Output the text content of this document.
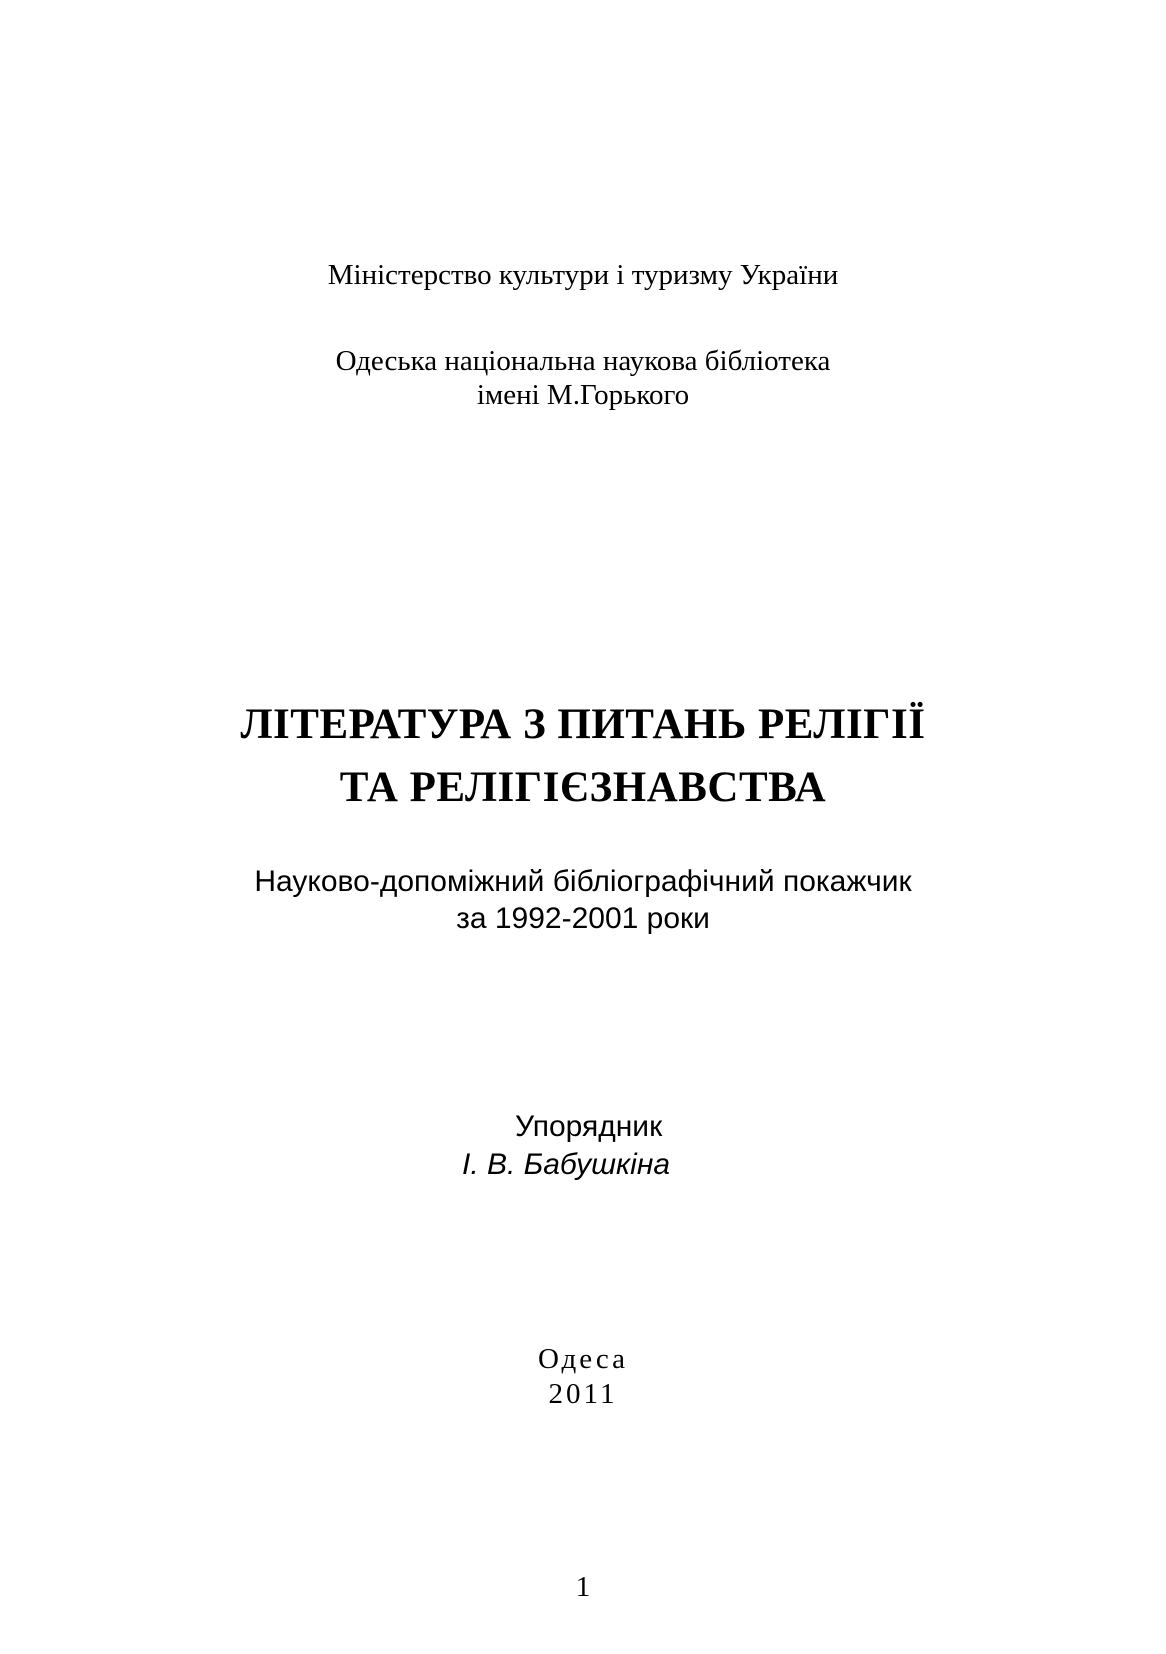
Міністерство культури і туризму України
Одеська національна наукова бібліотека
імені М.Горького
ЛІТЕРАТУРА З ПИТАНЬ РЕЛІГІЇ
ТА РЕЛІГІЄЗНАВСТВА
Науково-допоміжний бібліографічний покажчик
за 1992-2001 роки
Упорядник
І. В. Бабушкіна
Одеса
2011
1
